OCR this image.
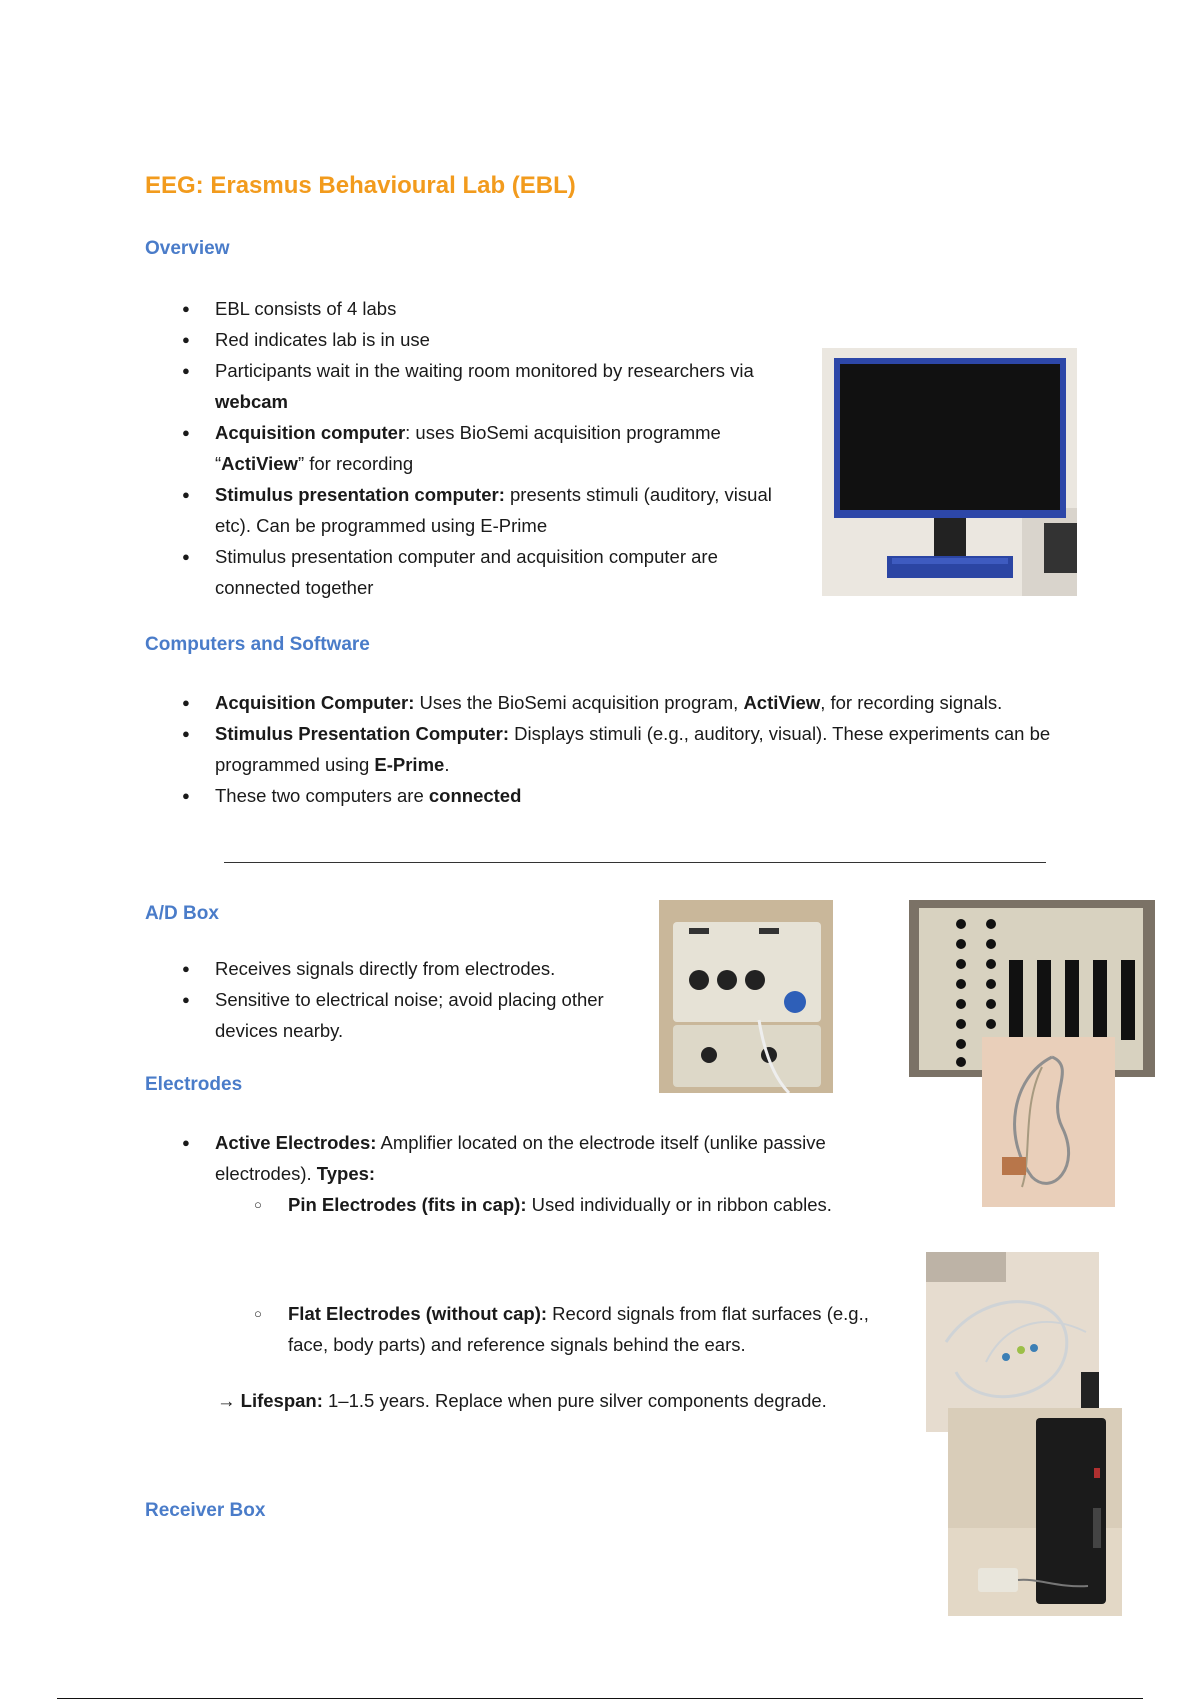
EEG: Erasmus Behavioural Lab (EBL)
Overview
● EBL consists of 4 labs
● Red indicates lab is in use
● Participants wait in the waiting room monitored by researchers via webcam
● Acquisition computer: uses BioSemi acquisition programme “ActiView” for recording
● Stimulus presentation computer: presents stimuli (auditory, visual etc). Can be programmed using E-Prime
● Stimulus presentation computer and acquisition computer are connected together
Computers and Software
● Acquisition Computer: Uses the BioSemi acquisition program, ActiView, for recording signals.
● Stimulus Presentation Computer: Displays stimuli (e.g., auditory, visual). These experiments can be programmed using E-Prime.
● These two computers are connected
A/D Box
● Receives signals directly from electrodes.
● Sensitive to electrical noise; avoid placing other devices nearby.
Electrodes
● Active Electrodes: Amplifier located on the electrode itself (unlike passive electrodes). Types:
○ Pin Electrodes (fits in cap): Used individually or in ribbon cables.
○ Flat Electrodes (without cap): Record signals from flat surfaces (e.g., face, body parts) and reference signals behind the ears.
→ Lifespan: 1–1.5 years. Replace when pure silver components degrade.
Receiver Box
